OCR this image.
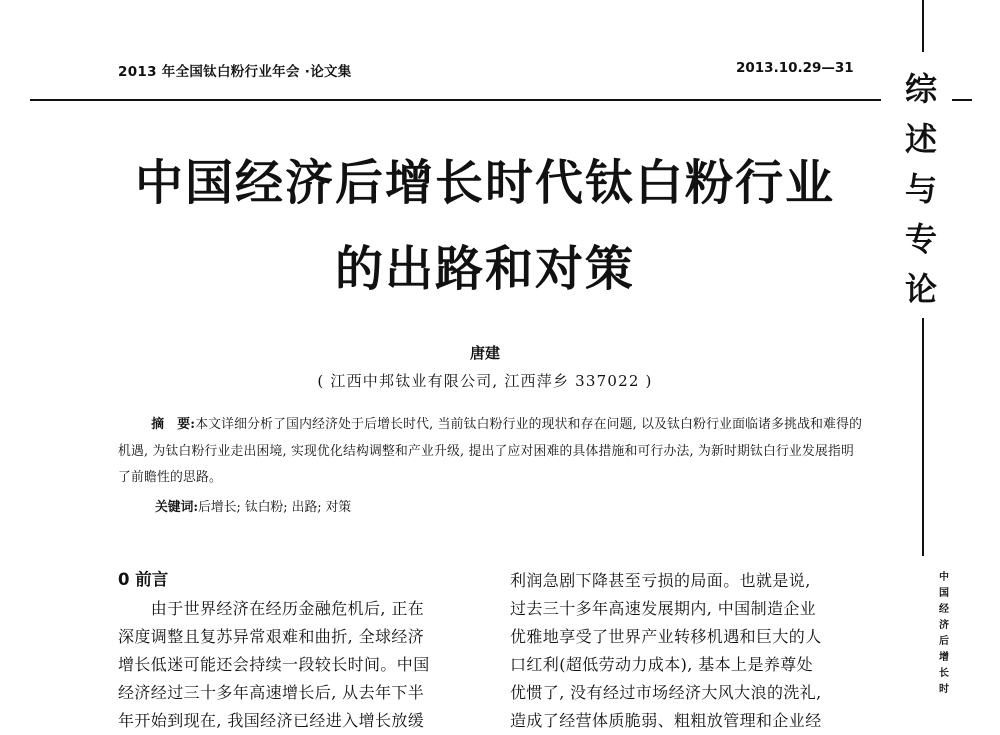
2013 年全国钛白粉行业年会 ·论文集	2013.10.29—31
综
述
与
专
论
中
国
经
济
后
增
长
时
中国经济后增长时代钛白粉行业
的出路和对策
唐建
( 江西中邦钛业有限公司, 江西萍乡 337022 )
摘　要:本文详细分析了国内经济处于后增长时代, 当前钛白粉行业的现状和存在问题, 以及钛白粉行业面临诸多挑战和难得的机遇, 为钛白粉行业走出困境, 实现优化结构调整和产业升级, 提出了应对困难的具体措施和可行办法, 为新时期钛白行业发展指明了前瞻性的思路。
关键词:后增长; 钛白粉; 出路; 对策
0 前言
　　由于世界经济在经历金融危机后, 正在
深度调整且复苏异常艰难和曲折, 全球经济
增长低迷可能还会持续一段较长时间。中国
经济经过三十多年高速增长后, 从去年下半
年开始到现在, 我国经济已经进入增长放缓
利润急剧下降甚至亏损的局面。也就是说,
过去三十多年高速发展期内, 中国制造企业
优雅地享受了世界产业转移机遇和巨大的人
口红利(超低劳动力成本), 基本上是养尊处
优惯了, 没有经过市场经济大风大浪的洗礼,
造成了经营体质脆弱、粗粗放管理和企业经
